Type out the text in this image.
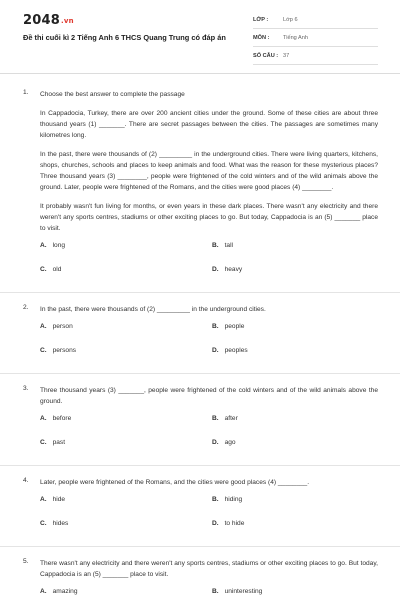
2048.vn
Đề thi cuối kì 2 Tiếng Anh 6 THCS Quang Trung có đáp án
LỚP :	Lớp 6
MÔN : Tiếng Anh
SỐ CÂU : 37
1. Choose the best answer to complete the passage

In Cappadocia, Turkey, there are over 200 ancient cities under the ground. Some of these cities are about three thousand years (1) _______. There are secret passages between the cities. The passages are sometimes many kilometres long.

In the past, there were thousands of (2) _________ in the underground cities. There were living quarters, kitchens, shops, churches, schools and places to keep animals and food. What was the reason for these mysterious places? Three thousand years (3) ________, people were frightened of the cold winters and of the wild animals above the ground. Later, people were frightened of the Romans, and the cities were good places (4) ________.

It probably wasn't fun living for months, or even years in these dark places. There wasn't any electricity and there weren't any sports centres, stadiums or other exciting places to go. But today, Cappadocia is an (5) _______ place to visit.

A. long	B. tall
C. old	D. heavy
2. In the past, there were thousands of (2) _________ in the underground cities.
A. person	B. people
C. persons	D. peoples
3. Three thousand years (3) _______, people were frightened of the cold winters and of the wild animals above the ground.
A. before	B. after
C. past	D. ago
4. Later, people were frightened of the Romans, and the cities were good places (4) ________.
A. hide	B. hiding
C. hides	D. to hide
5. There wasn't any electricity and there weren't any sports centres, stadiums or other exciting places to go. But today, Cappadocia is an (5) _______ place to visit.
A. amazing	B. uninteresting
